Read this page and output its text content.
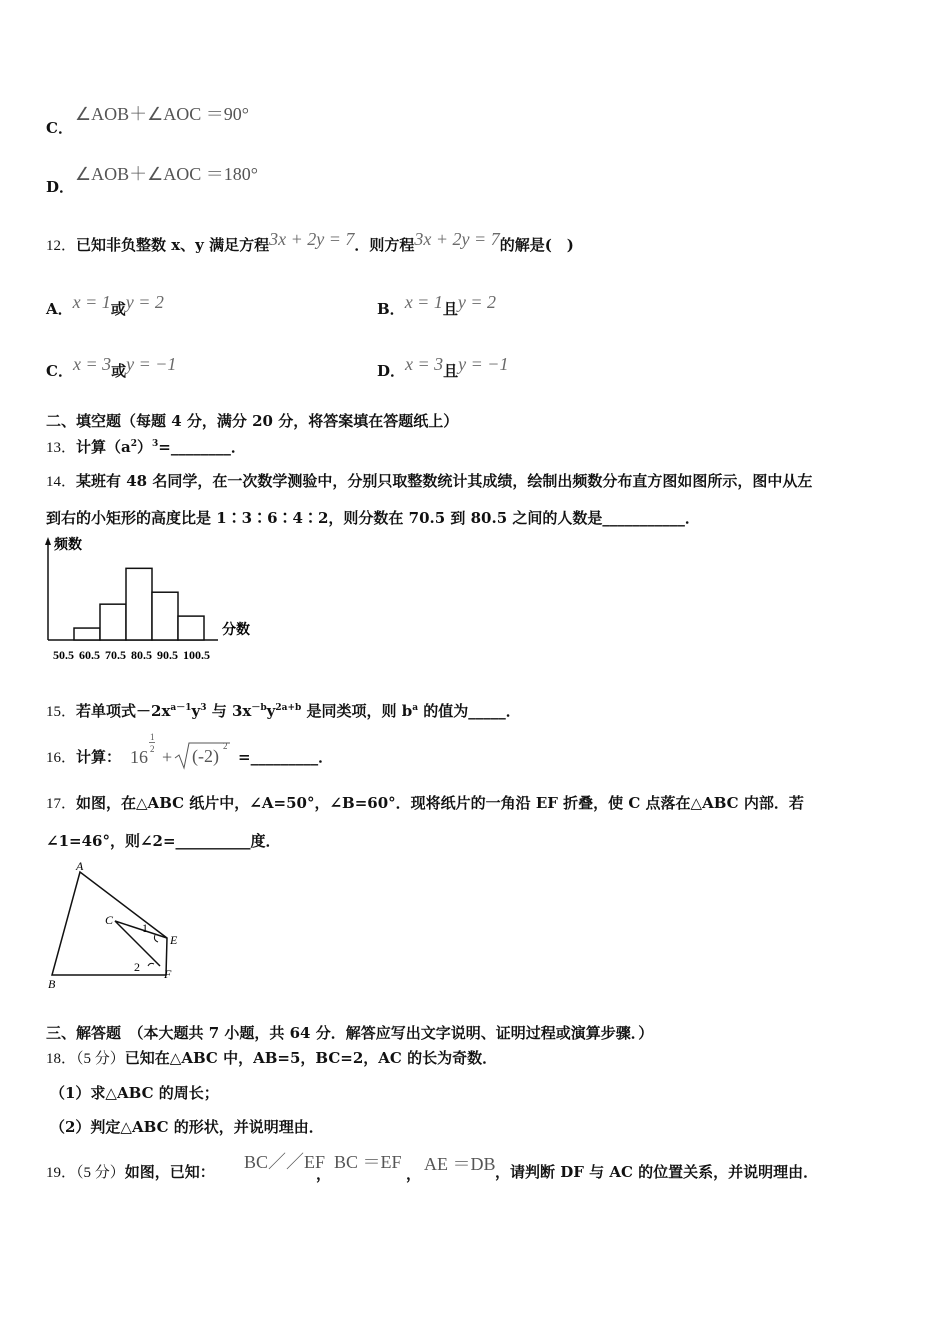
∠AOB＋∠AOC ＝90°
C．
∠AOB＋∠AOC ＝180°
D．
12．已知非负整数 x、y 满足方程3x + 2y = 7．则方程3x + 2y = 7的解是(　)
A．x = 1或y = 2	B．x = 1且y = 2
C．x = 3或y = −1	D．x = 3且y = −1
二、填空题（每题 4 分，满分 20 分，将答案填在答题纸上）
13．计算$(a^2)^3=\_\_\_\_\_\_\_\_$．
14．某班有 48 名同学，在一次数学测验中，分别只取整数统计其成绩，绘制出频数分布直方图如图所示，图中从左
到右的小矩形的高度比是 1∶3∶6∶4∶2，则分数在 70.5 到 80.5 之间的人数是___________．
频数
分数
50.5 60.5 70.5 80.5 90.5 100.5
15．若单项式$-2x^{a-1}y^3$ 与 $3x^{-b}y^{2a+b}$ 是同类项，则 $b^a$ 的值为_____．
16．计算： 16
1
2 + (-2) 2
=_________．
17．如图，在△ABC 纸片中，∠A=50°，∠B=60°．现将纸片的一角沿 EF 折叠，使 C 点落在△ABC 内部．若
∠1=46°，则∠2=__________度．
A
B
C
E
F
1
2
三、解答题　（本大题共 7 小题，共 64 分．解答应写出文字说明、证明过程或演算步骤．）
18．（5 分）已知在△ABC 中，AB=5，BC=2，AC 的长为奇数．
（1）求△ABC 的周长；
（2）判定△ABC 的形状，并说明理由．
19．（5 分）如图，已知： BC／／EF
，
BC ＝EF
， AE ＝DB ，请判断 DF 与 AC 的位置关系，并说明理由．
